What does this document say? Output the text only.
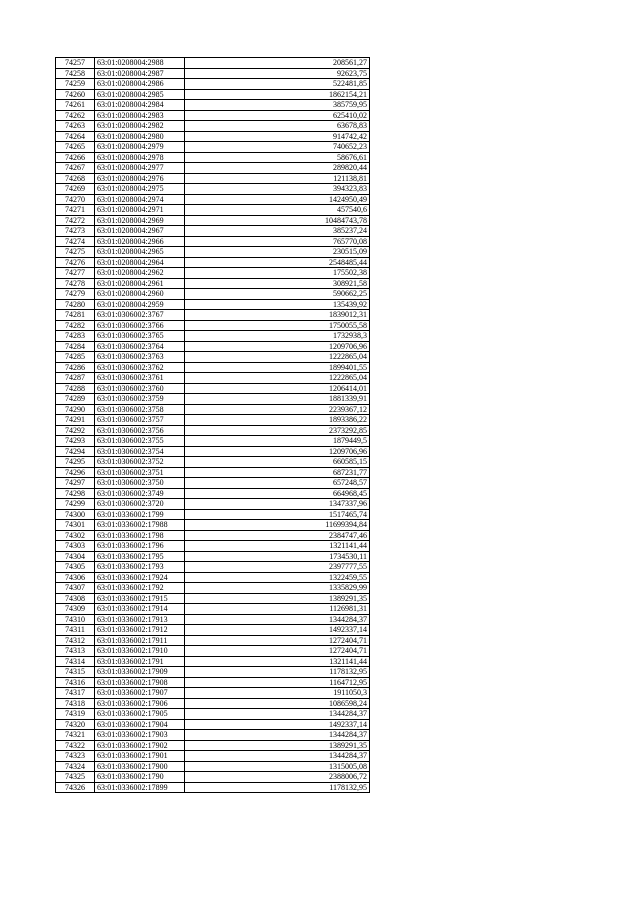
74257	63:01:0208004:2988	208561,27
74258	63:01:0208004:2987	92623,75
74259	63:01:0208004:2986	522481,85
74260	63:01:0208004:2985	1862154,21
74261	63:01:0208004:2984	385759,95
74262	63:01:0208004:2983	625410,02
74263	63:01:0208004:2982	63678,83
74264	63:01:0208004:2980	914742,42
74265	63:01:0208004:2979	740652,23
74266	63:01:0208004:2978	58676,61
74267	63:01:0208004:2977	289820,44
74268	63:01:0208004:2976	121138,81
74269	63:01:0208004:2975	394323,83
74270	63:01:0208004:2974	1424950,49
74271	63:01:0208004:2971	457540,6
74272	63:01:0208004:2969	10484743,78
74273	63:01:0208004:2967	385237,24
74274	63:01:0208004:2966	765770,08
74275	63:01:0208004:2965	230515,09
74276	63:01:0208004:2964	2548485,44
74277	63:01:0208004:2962	175502,38
74278	63:01:0208004:2961	308921,58
74279	63:01:0208004:2960	590662,25
74280	63:01:0208004:2959	135439,92
74281	63:01:0306002:3767	1839012,31
74282	63:01:0306002:3766	1750055,58
74283	63:01:0306002:3765	1732938,3
74284	63:01:0306002:3764	1209706,96
74285	63:01:0306002:3763	1222865,04
74286	63:01:0306002:3762	1899401,55
74287	63:01:0306002:3761	1222865,04
74288	63:01:0306002:3760	1206414,01
74289	63:01:0306002:3759	1881339,91
74290	63:01:0306002:3758	2239367,12
74291	63:01:0306002:3757	1893386,22
74292	63:01:0306002:3756	2373292,85
74293	63:01:0306002:3755	1879449,5
74294	63:01:0306002:3754	1209706,96
74295	63:01:0306002:3752	660585,15
74296	63:01:0306002:3751	687231,77
74297	63:01:0306002:3750	657248,57
74298	63:01:0306002:3749	664968,45
74299	63:01:0306002:3720	1347337,96
74300	63:01:0336002:1799	1517465,74
74301	63:01:0336002:17988	11699394,84
74302	63:01:0336002:1798	2384747,46
74303	63:01:0336002:1796	1321141,44
74304	63:01:0336002:1795	1734530,11
74305	63:01:0336002:1793	2397777,55
74306	63:01:0336002:17924	1322459,55
74307	63:01:0336002:1792	1335829,99
74308	63:01:0336002:17915	1389291,35
74309	63:01:0336002:17914	1126981,31
74310	63:01:0336002:17913	1344284,37
74311	63:01:0336002:17912	1492337,14
74312	63:01:0336002:17911	1272404,71
74313	63:01:0336002:17910	1272404,71
74314	63:01:0336002:1791	1321141,44
74315	63:01:0336002:17909	1178132,95
74316	63:01:0336002:17908	1164712,95
74317	63:01:0336002:17907	1911050,3
74318	63:01:0336002:17906	1086598,24
74319	63:01:0336002:17905	1344284,37
74320	63:01:0336002:17904	1492337,14
74321	63:01:0336002:17903	1344284,37
74322	63:01:0336002:17902	1389291,35
74323	63:01:0336002:17901	1344284,37
74324	63:01:0336002:17900	1315005,08
74325	63:01:0336002:1790	2388006,72
74326	63:01:0336002:17899	1178132,95
